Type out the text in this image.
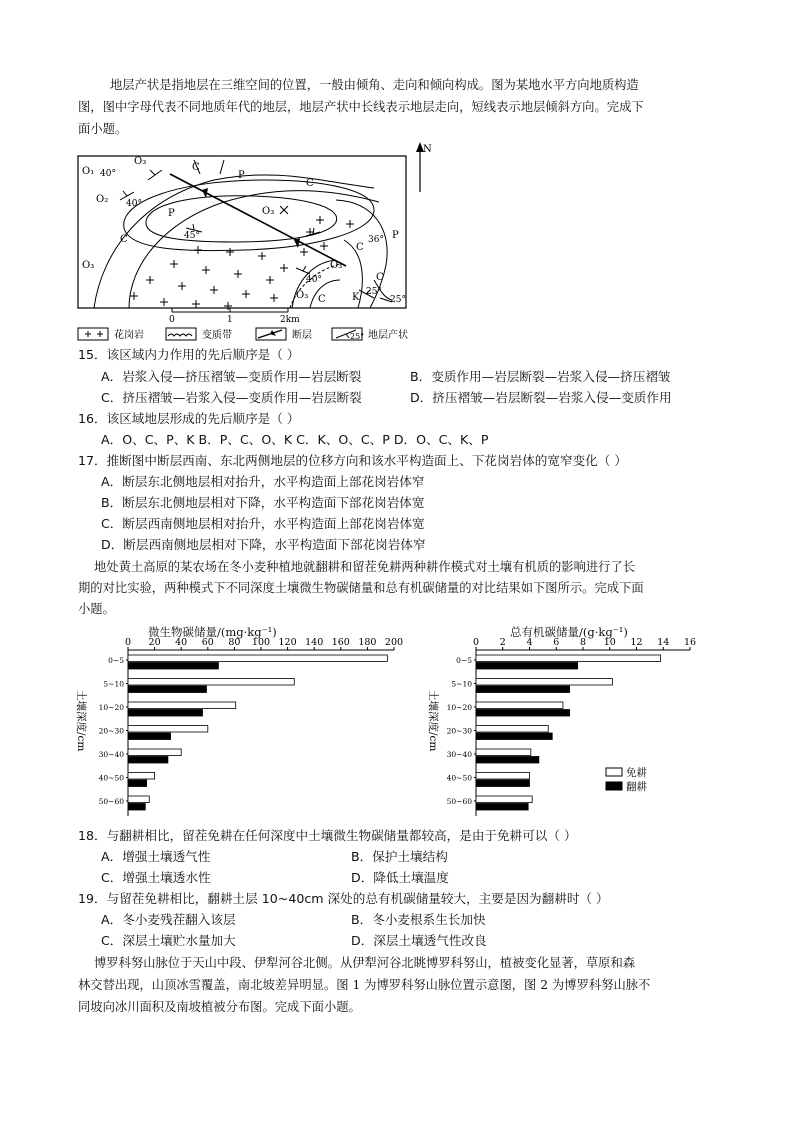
地层产状是指地层在三维空间的位置，一般由倾角、走向和倾向构成。图为某地水平方向地质构造
图，图中字母代表不同地质年代的地层，地层产状中长线表示地层走向，短线表示地层倾斜方向。完成下
面小题。
O₁
O₂
O₃
O₃
O₃
O₃
O₃
C
C
C
C
C
C
P
P
P
K
40°
40°
45°	36°
40°
25°
25°
N
0	1	2km
花岗岩	变质带	断层	25° 地层产状
15．该区域内力作用的先后顺序是（ ）
A．岩浆入侵—挤压褶皱—变质作用—岩层断裂	B．变质作用—岩层断裂—岩浆入侵—挤压褶皱
C．挤压褶皱—岩浆入侵—变质作用—岩层断裂	D．挤压褶皱—岩层断裂—岩浆入侵—变质作用
16．该区域地层形成的先后顺序是（ ）
A．O、C、P、K B．P、C、O、K C．K、O、C、P D．O、C、K、P
17．推断图中断层西南、东北两侧地层的位移方向和该水平构造面上、下花岗岩体的宽窄变化（ ）
A．断层东北侧地层相对抬升，水平构造面上部花岗岩体窄
B．断层东北侧地层相对下降，水平构造面下部花岗岩体宽
C．断层西南侧地层相对抬升，水平构造面上部花岗岩体宽
D．断层西南侧地层相对下降，水平构造面下部花岗岩体窄
地处黄土高原的某农场在冬小麦种植地就翻耕和留茬免耕两种耕作模式对土壤有机质的影响进行了长
期的对比实验，两种模式下不同深度土壤微生物碳储量和总有机碳储量的对比结果如下图所示。完成下面
小题。
微生物碳储量/(mg·kg⁻¹)	总有机碳储量/(g·kg⁻¹)
0 20 40 60 80 100 120 140 160 180 200
0~5
5~10
10~20
20~30
30~40
40~50
50~60
土壤深度/cm
0 2 4 6 8 10 12 14 16
0~5
5~10
10~20
20~30
30~40
40~50
50~60
土壤深度/cm
免耕
翻耕
18．与翻耕相比，留茬免耕在任何深度中土壤微生物碳储量都较高，是由于免耕可以（ ）
A．增强土壤透气性	B．保护土壤结构
C．增强土壤透水性	D．降低土壤温度
19．与留茬免耕相比，翻耕土层 10~40cm 深处的总有机碳储量较大，主要是因为翻耕时（ ）
A．冬小麦残茬翻入该层	B．冬小麦根系生长加快
C．深层土壤贮水量加大	D．深层土壤透气性改良
博罗科努山脉位于天山中段、伊犁河谷北侧。从伊犁河谷北眺博罗科努山，植被变化显著，草原和森
林交替出现，山顶冰雪覆盖，南北坡差异明显。图 1 为博罗科努山脉位置示意图，图 2 为博罗科努山脉不
同坡向冰川面积及南坡植被分布图。完成下面小题。
